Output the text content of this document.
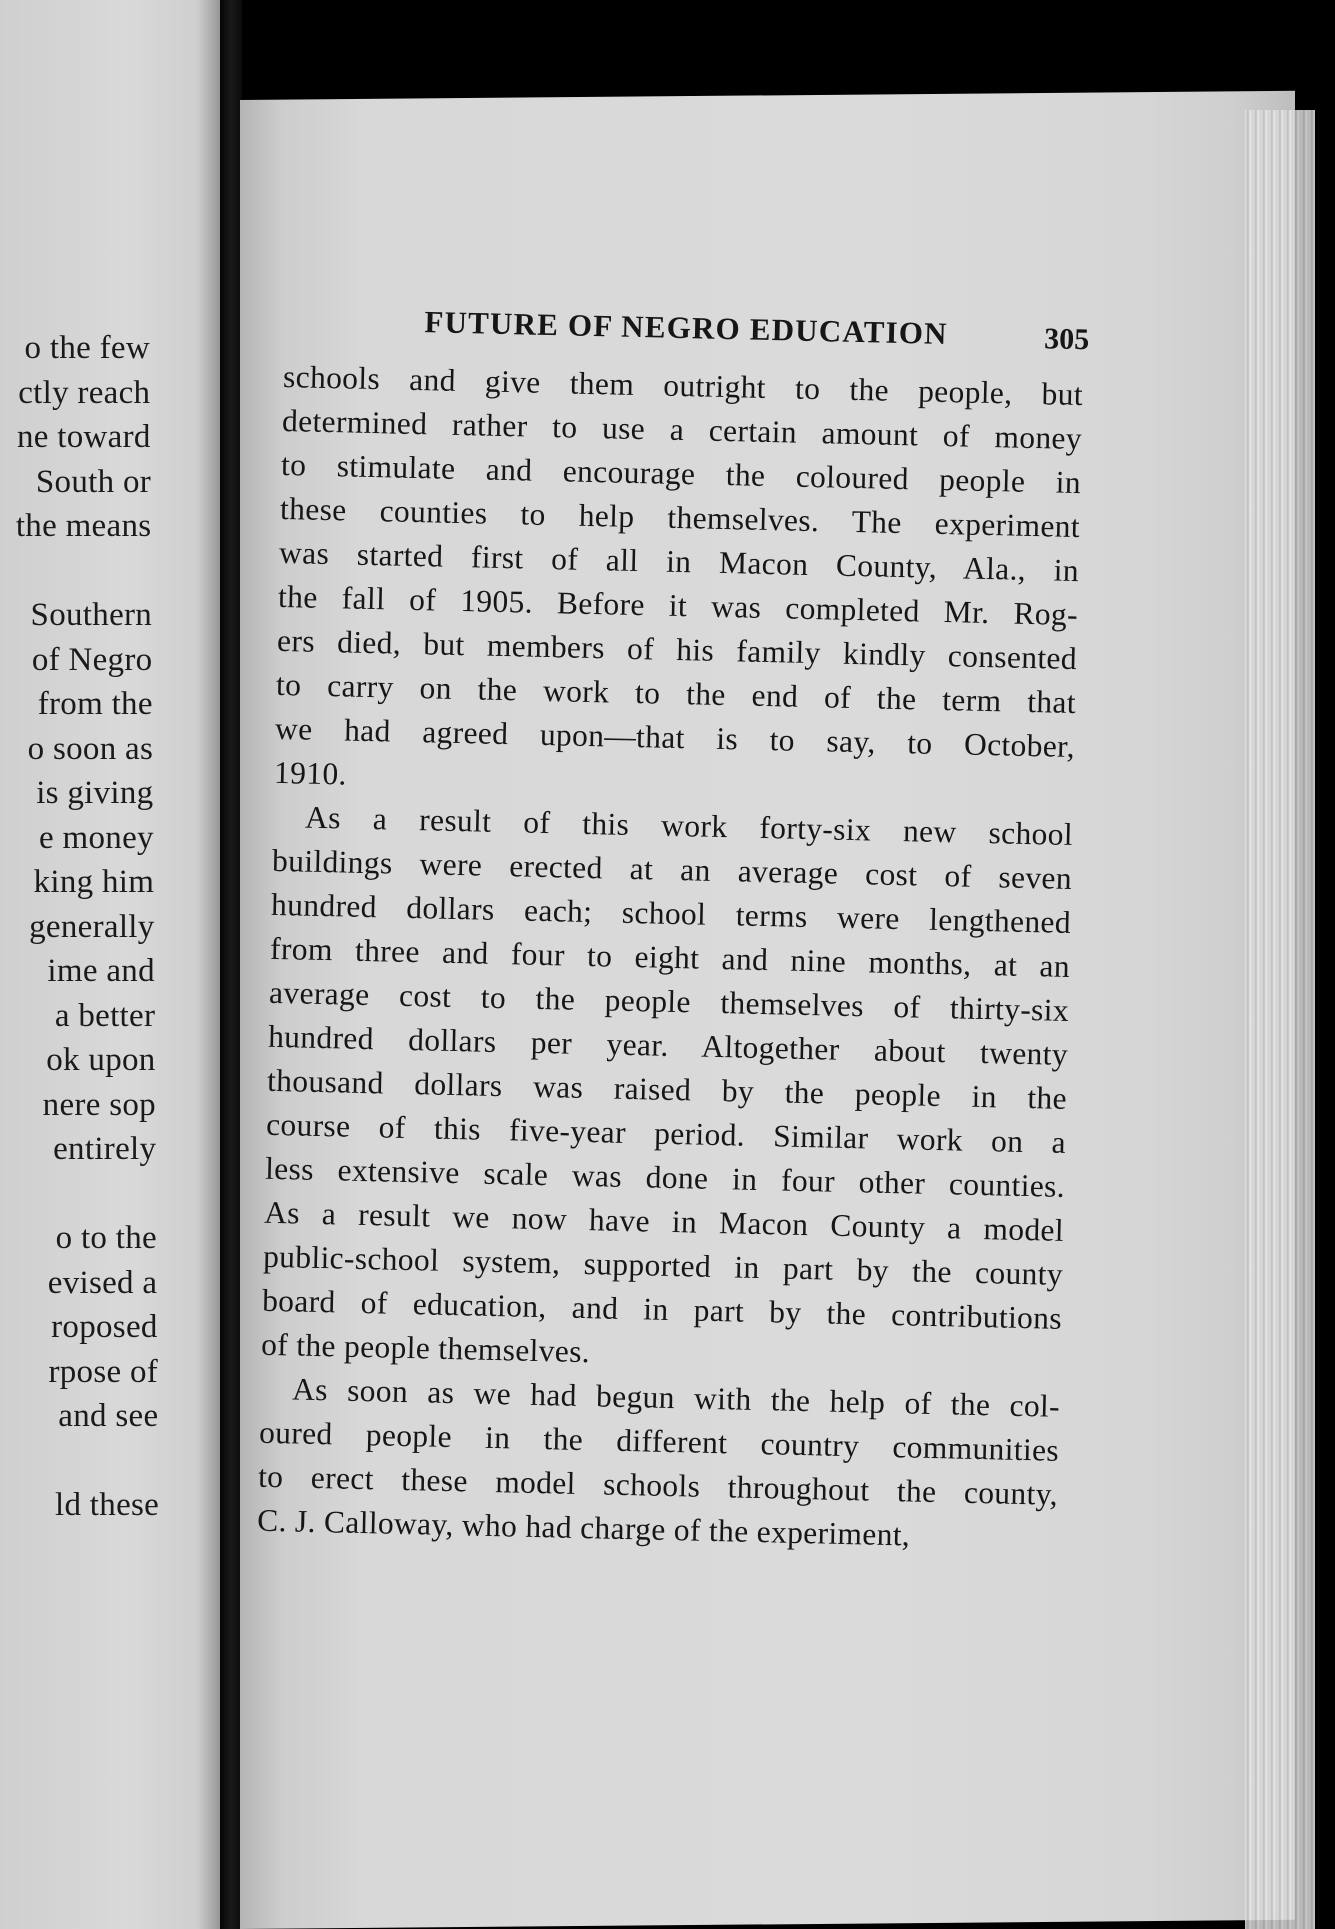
o the few
ctly reach
ne toward
South or
the means
Southern
of Negro
from the
o soon as
is giving
e money
king him
generally
ime and
a better
ok upon
nere sop
entirely
o to the
evised a
roposed
rpose of
and see
ld these
FUTURE OF NEGRO EDUCATION	305
schools and give them outright to the people, but
determined rather to use a certain amount of money
to stimulate and encourage the coloured people in
these counties to help themselves. The experiment
was started first of all in Macon County, Ala., in
the fall of 1905. Before it was completed Mr. Rog-
ers died, but members of his family kindly consented
to carry on the work to the end of the term that
we had agreed upon—that is to say, to October,
1910.
As a result of this work forty-six new school
buildings were erected at an average cost of seven
hundred dollars each; school terms were lengthened
from three and four to eight and nine months, at an
average cost to the people themselves of thirty-six
hundred dollars per year. Altogether about twenty
thousand dollars was raised by the people in the
course of this five-year period. Similar work on a
less extensive scale was done in four other counties.
As a result we now have in Macon County a model
public-school system, supported in part by the county
board of education, and in part by the contributions
of the people themselves.
As soon as we had begun with the help of the col-
oured people in the different country communities
to erect these model schools throughout the county,
C. J. Calloway, who had charge of the experiment,
